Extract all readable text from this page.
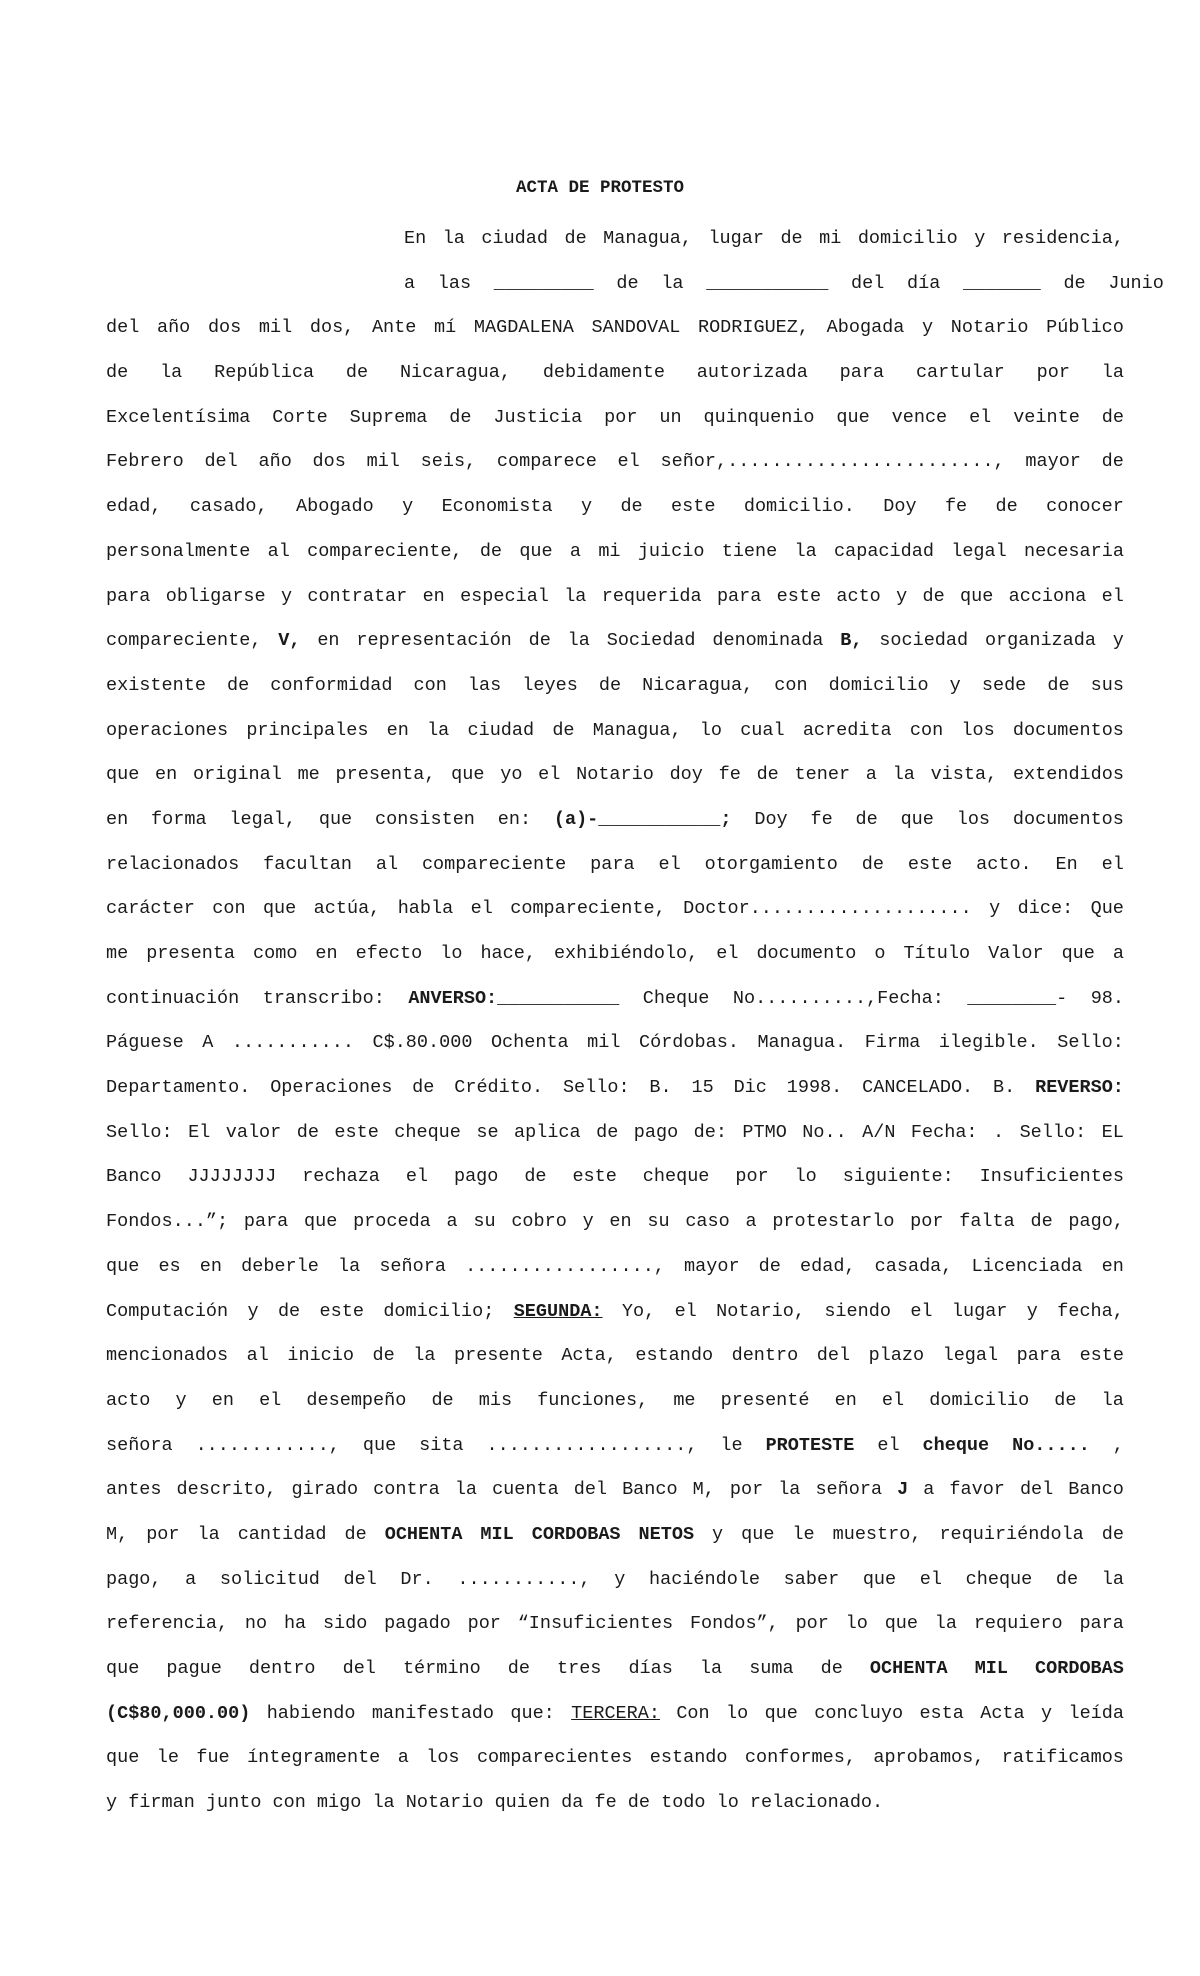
ACTA DE PROTESTO
En la ciudad de Managua, lugar de mi domicilio y residencia,
a las _________ de la ___________ del día _______ de Junio
del año dos mil dos, Ante mí MAGDALENA SANDOVAL RODRIGUEZ, Abogada y Notario Público
de la República de Nicaragua, debidamente autorizada para cartular por la
Excelentísima Corte Suprema de Justicia por un quinquenio que vence el veinte de
Febrero del año dos mil seis, comparece el señor,........................, mayor de
edad, casado, Abogado y Economista y de este domicilio. Doy fe de conocer
personalmente al compareciente, de que a mi juicio tiene la capacidad legal necesaria
para obligarse y contratar en especial la requerida para este acto y de que acciona el
compareciente, V, en representación de la Sociedad denominada B, sociedad organizada y
existente de conformidad con las leyes de Nicaragua, con domicilio y sede de sus
operaciones principales en la ciudad de Managua, lo cual acredita con los documentos
que en original me presenta, que yo el Notario doy fe de tener a la vista, extendidos
en forma legal, que consisten en: (a)-___________; Doy fe de que los documentos
relacionados facultan al compareciente para el otorgamiento de este acto. En el
carácter con que actúa, habla el compareciente, Doctor.................... y dice: Que
me presenta como en efecto lo hace, exhibiéndolo, el documento o Título Valor que a
continuación transcribo: ANVERSO:___________ Cheque No..........,Fecha: ________- 98.
Páguese A ........... C$.80.000 Ochenta mil Córdobas. Managua. Firma ilegible. Sello:
Departamento. Operaciones de Crédito. Sello: B. 15 Dic 1998. CANCELADO. B. REVERSO:
Sello: El valor de este cheque se aplica de pago de: PTMO No.. A/N Fecha: . Sello: EL
Banco JJJJJJJJ rechaza el pago de este cheque por lo siguiente: Insuficientes
Fondos...”; para que proceda a su cobro y en su caso a protestarlo por falta de pago,
que es en deberle la señora ................., mayor de edad, casada, Licenciada en
Computación y de este domicilio; SEGUNDA: Yo, el Notario, siendo el lugar y fecha,
mencionados al inicio de la presente Acta, estando dentro del plazo legal para este
acto y en el desempeño de mis funciones, me presenté en el domicilio de la
señora ............, que sita .................., le PROTESTE el cheque No..... ,
antes descrito, girado contra la cuenta del Banco M, por la señora J a favor del Banco
M, por la cantidad de OCHENTA MIL CORDOBAS NETOS y que le muestro, requiriéndola de
pago, a solicitud del Dr. ..........., y haciéndole saber que el cheque de la
referencia, no ha sido pagado por “Insuficientes Fondos”, por lo que la requiero para
que pague dentro del término de tres días la suma de OCHENTA MIL CORDOBAS
(C$80,000.00) habiendo manifestado que: TERCERA: Con lo que concluyo esta Acta y leída
que le fue íntegramente a los comparecientes estando conformes, aprobamos, ratificamos
y firman junto con migo la Notario quien da fe de todo lo relacionado.
